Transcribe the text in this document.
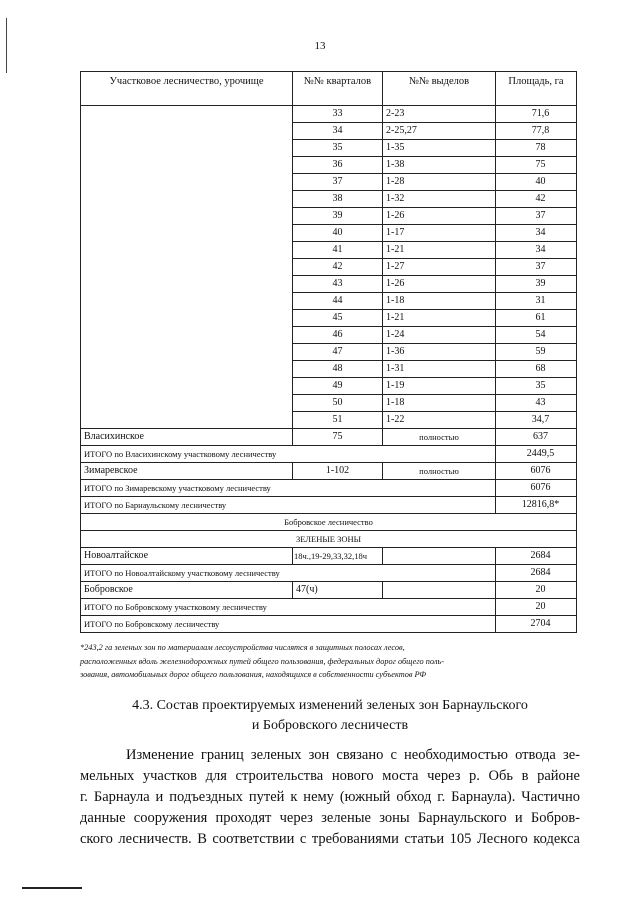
13
Участковое лесничество, урочище	№№ кварталов	№№ выделов	Площадь, га
	33	2-23	71,6
	34	2-25,27	77,8
	35	1-35	78
	36	1-38	75
	37	1-28	40
	38	1-32	42
	39	1-26	37
	40	1-17	34
	41	1-21	34
	42	1-27	37
	43	1-26	39
	44	1-18	31
	45	1-21	61
	46	1-24	54
	47	1-36	59
	48	1-31	68
	49	1-19	35
	50	1-18	43
	51	1-22	34,7
Власихинское	75	полностью	637
ИТОГО по Власихинскому участковому лесничеству			2449,5
Зимаревское	1-102	полностью	6076
ИТОГО по Зимаревскому участковому лесничеству			6076
ИТОГО по Барнаульскому лесничеству			12816,8*
Бобровское лесничество			
ЗЕЛЕНЫЕ ЗОНЫ			
Новоалтайское	18ч.,19-29,33,32,18ч		2684
ИТОГО по Новоалтайскому участковому лесничеству			2684
Бобровское	47(ч)		20
ИТОГО по Бобровскому участковому лесничеству			20
ИТОГО по Бобровскому лесничеству			2704

*243,2 га зеленых зон по материалам лесоустройства числятся в защитных полосах лесов,

расположенных вдоль железнодорожных путей общего пользования, федеральных дорог общего поль-

зования, автомобильных дорог общего пользования, находящихся в собственности субъектов РФ

4.3. Состав проектируемых изменений зеленых зон Барнаульского
и Бобровского лесничеств
Изменение границ зеленых зон связано с необходимостью отвода зе-
мельных участков для строительства нового моста через р. Обь в районе
г. Барнаула и подъездных путей к нему (южный обход г. Барнаула). Частично
данные сооружения проходят через зеленые зоны Барнаульского и Бобров-
ского лесничеств. В соответствии с требованиями статьи 105 Лесного кодекса
